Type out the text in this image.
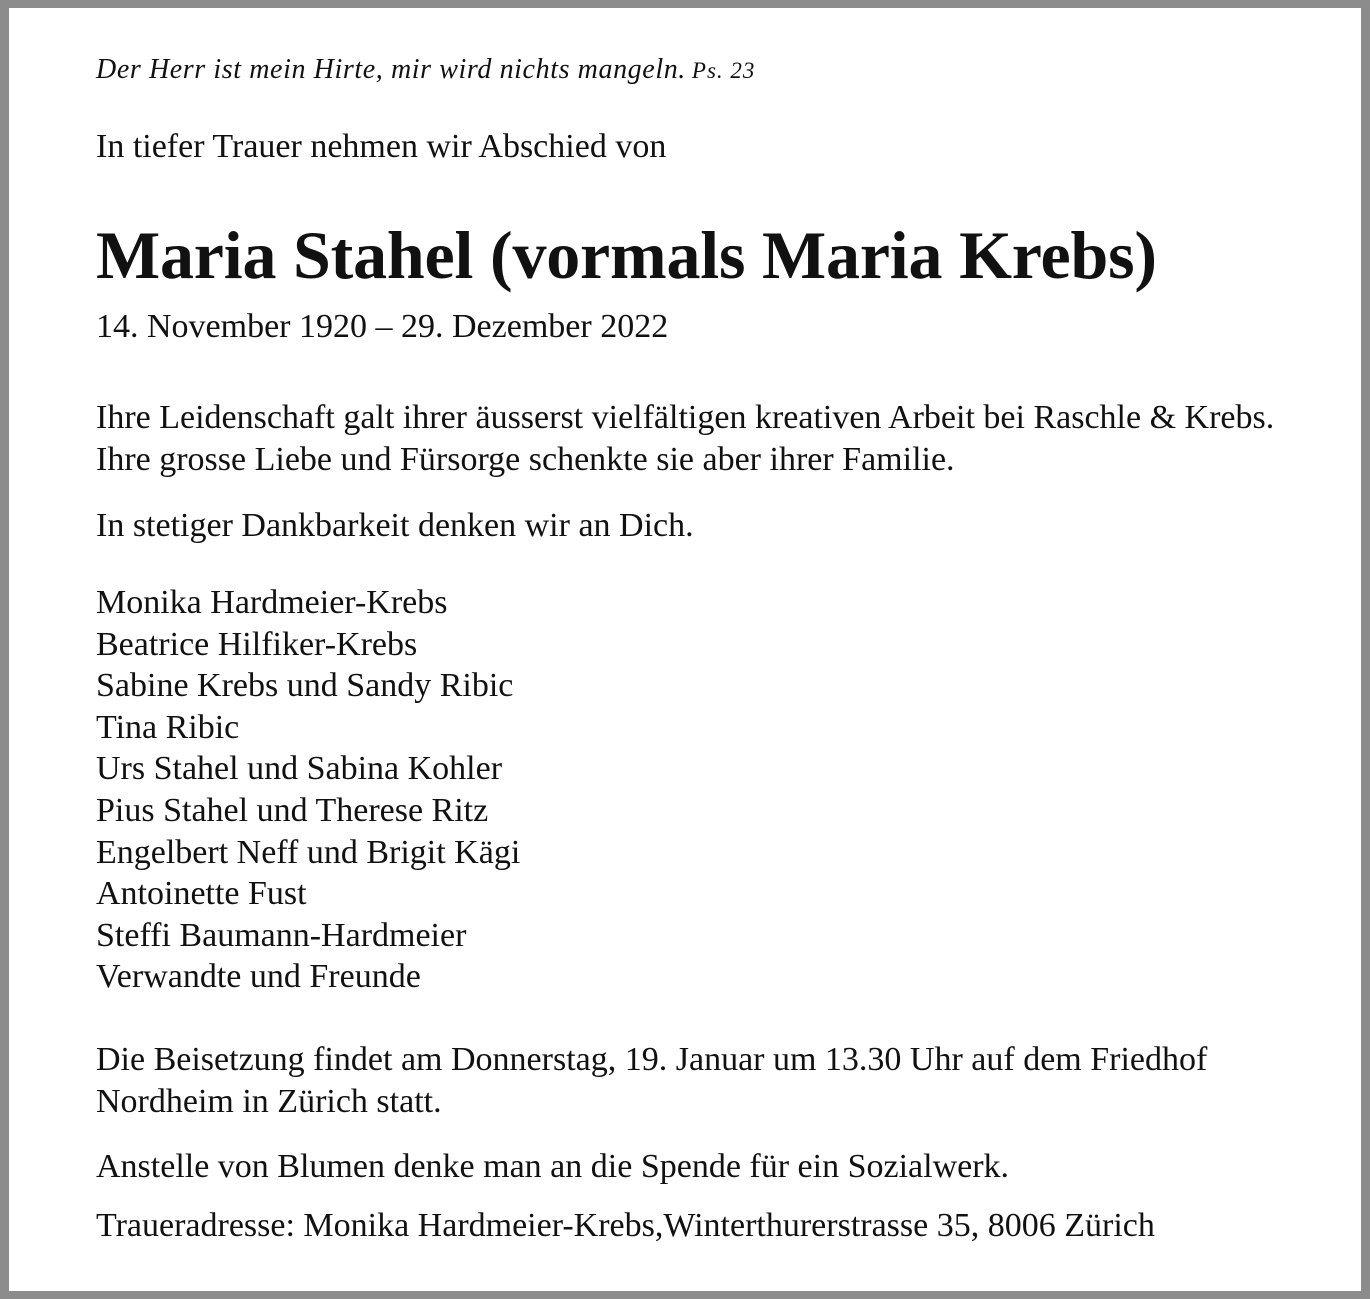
Der Herr ist mein Hirte, mir wird nichts mangeln. Ps. 23
In tiefer Trauer nehmen wir Abschied von
Maria Stahel (vormals Maria Krebs)
14. November 1920 – 29. Dezember 2022

Ihre Leidenschaft galt ihrer äusserst vielfältigen kreativen Arbeit bei Raschle & Krebs. Ihre grosse Liebe und Fürsorge schenkte sie aber ihrer Familie.

In stetiger Dankbarkeit denken wir an Dich.

Monika Hardmeier-Krebs
Beatrice Hilfiker-Krebs
Sabine Krebs und Sandy Ribic
Tina Ribic
Urs Stahel und Sabina Kohler
Pius Stahel und Therese Ritz
Engelbert Neff und Brigit Kägi
Antoinette Fust
Steffi Baumann-Hardmeier
Verwandte und Freunde

Die Beisetzung findet am Donnerstag, 19. Januar um 13.30 Uhr auf dem Friedhof Nordheim in Zürich statt.

Anstelle von Blumen denke man an die Spende für ein Sozialwerk.

Traueradresse: Monika Hardmeier-Krebs,Winterthurerstrasse 35, 8006 Zürich
